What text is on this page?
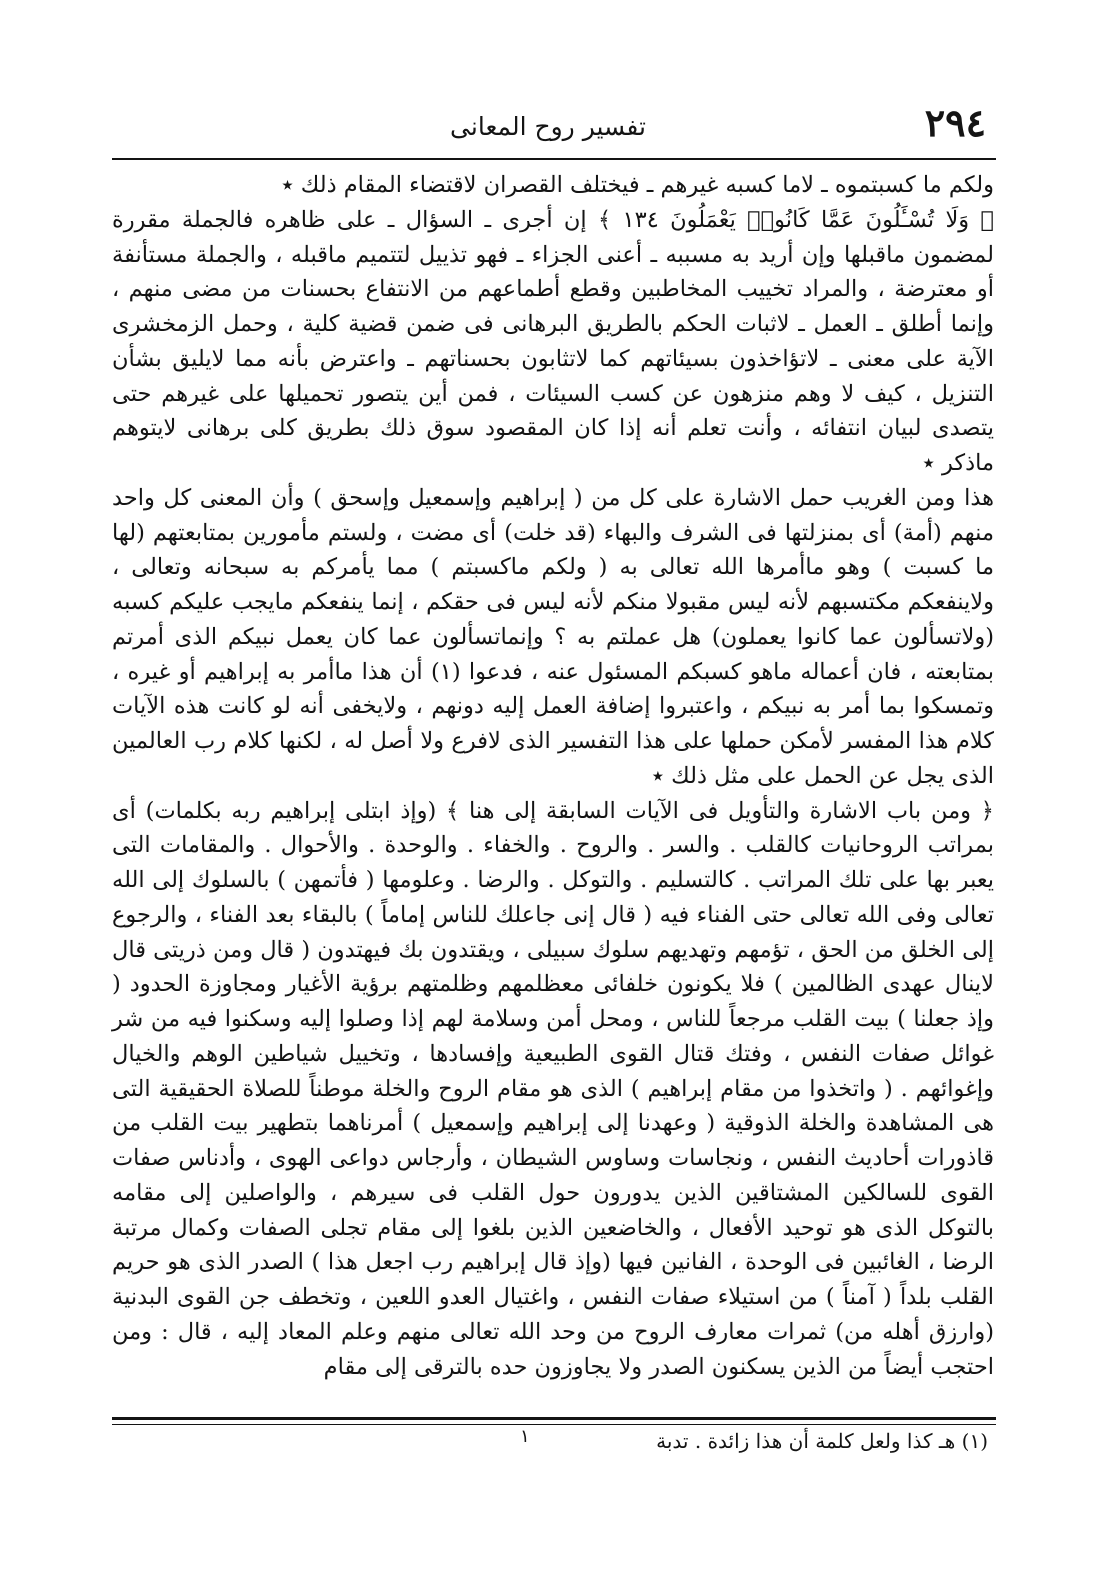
٢٩٤
تفسير روح المعانى

ولكم ما كسبتموه ـ لاما كسبه غيرهم ـ فيختلف القصران لاقتضاء المقام ذلك ٭

﴿ وَلَا تُسْـَٔلُونَ عَمَّا كَانُوا۟ يَعْمَلُونَ ١٣٤ ﴾ إن أجرى ـ السؤال ـ على ظاهره فالجملة مقررة لمضمون ماقبلها وإن أريد به مسببه ـ أعنى الجزاء ـ فهو تذييل لتتميم ماقبله ، والجملة مستأنفة أو معترضة ، والمراد تخييب المخاطبين وقطع أطماعهم من الانتفاع بحسنات من مضى منهم ، وإنما أطلق ـ العمل ـ لاثبات الحكم بالطريق البرهانى فى ضمن قضية كلية ، وحمل الزمخشرى الآية على معنى ـ لاتؤاخذون بسيئاتهم كما لاتثابون بحسناتهم ـ واعترض بأنه مما لايليق بشأن التنزيل ، كيف لا وهم منزهون عن كسب السيئات ، فمن أين يتصور تحميلها على غيرهم حتى يتصدى لبيان انتفائه ، وأنت تعلم أنه إذا كان المقصود سوق ذلك بطريق كلى برهانى لايتوهم ماذكر ٭

هذا ومن الغريب حمل الاشارة على كل من ( إبراهيم وإسمعيل وإسحق ) وأن المعنى كل واحد منهم (أمة) أى بمنزلتها فى الشرف والبهاء (قد خلت) أى مضت ، ولستم مأمورين بمتابعتهم (لها ما كسبت ) وهو ماأمرها الله تعالى به ( ولكم ماكسبتم ) مما يأمركم به سبحانه وتعالى ، ولاينفعكم مكتسبهم لأنه ليس مقبولا منكم لأنه ليس فى حقكم ، إنما ينفعكم مايجب عليكم كسبه (ولاتسألون عما كانوا يعملون) هل عملتم به ؟ وإنماتسألون عما كان يعمل نبيكم الذى أمرتم بمتابعته ، فان أعماله ماهو كسبكم المسئول عنه ، فدعوا (١) أن هذا ماأمر به إبراهيم أو غيره ، وتمسكوا بما أمر به نبيكم ، واعتبروا إضافة العمل إليه دونهم ، ولايخفى أنه لو كانت هذه الآيات كلام هذا المفسر لأمكن حملها على هذا التفسير الذى لافرع ولا أصل له ، لكنها كلام رب العالمين الذى يجل عن الحمل على مثل ذلك ٭

﴿ ومن باب الاشارة والتأويل فى الآيات السابقة إلى هنا ﴾ (وإذ ابتلى إبراهيم ربه بكلمات) أى بمراتب الروحانيات كالقلب . والسر . والروح . والخفاء . والوحدة . والأحوال . والمقامات التى يعبر بها على تلك المراتب . كالتسليم . والتوكل . والرضا . وعلومها ( فأتمهن ) بالسلوك إلى الله تعالى وفى الله تعالى حتى الفناء فيه ( قال إنى جاعلك للناس إماماً ) بالبقاء بعد الفناء ، والرجوع إلى الخلق من الحق ، تؤمهم وتهديهم سلوك سبيلى ، ويقتدون بك فيهتدون ( قال ومن ذريتى قال لاينال عهدى الظالمين ) فلا يكونون خلفائى معظلمهم وظلمتهم برؤية الأغيار ومجاوزة الحدود ( وإذ جعلنا ) بيت القلب مرجعاً للناس ، ومحل أمن وسلامة لهم إذا وصلوا إليه وسكنوا فيه من شر غوائل صفات النفس ، وفتك قتال القوى الطبيعية وإفسادها ، وتخييل شياطين الوهم والخيال وإغوائهم . ( واتخذوا من مقام إبراهيم ) الذى هو مقام الروح والخلة موطناً للصلاة الحقيقية التى هى المشاهدة والخلة الذوقية ( وعهدنا إلى إبراهيم وإسمعيل ) أمرناهما بتطهير بيت القلب من قاذورات أحاديث النفس ، ونجاسات وساوس الشيطان ، وأرجاس دواعى الهوى ، وأدناس صفات القوى للسالكين المشتاقين الذين يدورون حول القلب فى سيرهم ، والواصلين إلى مقامه بالتوكل الذى هو توحيد الأفعال ، والخاضعين الذين بلغوا إلى مقام تجلى الصفات وكمال مرتبة الرضا ، الغائبين فى الوحدة ، الفانين فيها (وإذ قال إبراهيم رب اجعل هذا ) الصدر الذى هو حريم القلب بلداً ( آمناً ) من استيلاء صفات النفس ، واغتيال العدو اللعين ، وتخطف جن القوى البدنية (وارزق أهله من) ثمرات معارف الروح من وحد الله تعالى منهم وعلم المعاد إليه ، قال : ومن احتجب أيضاً من الذين يسكنون الصدر ولا يجاوزون حده بالترقى إلى مقام

(١) هـ كذا ولعل كلمة أن هذا زائدة . تدبة
١
